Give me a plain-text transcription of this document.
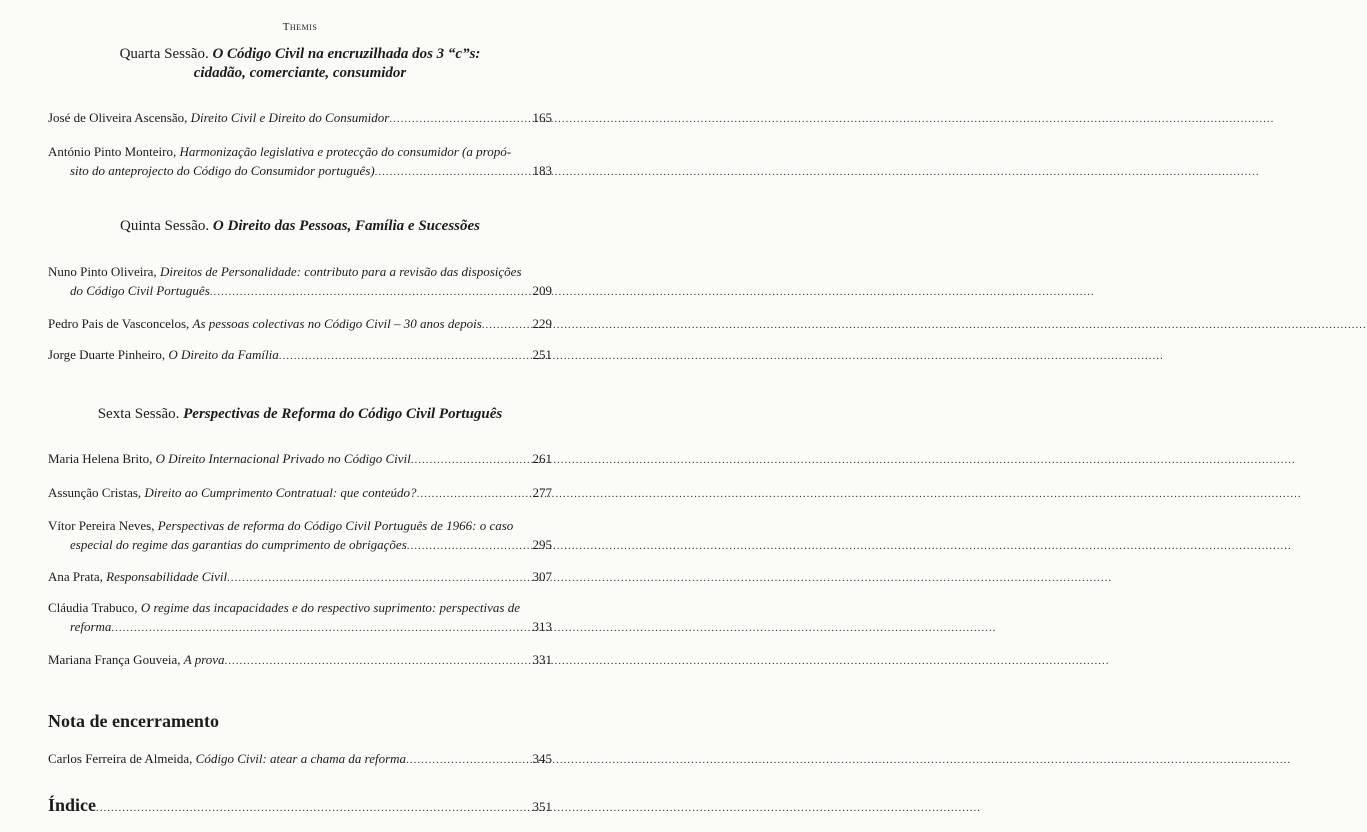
Themis
Quarta Sessão. O Código Civil na encruzilhada dos 3 “c”s:
cidadão, comerciante, consumidor
José de Oliveira Ascensão, Direito Civil e Direito do Consumidor .....	165
António Pinto Monteiro, Harmonização legislativa e protecção do consumidor (a propó-
sito do anteprojecto do Código do Consumidor português) .....	183
Quinta Sessão. O Direito das Pessoas, Família e Sucessões
Nuno Pinto Oliveira, Direitos de Personalidade: contributo para a revisão das disposições
do Código Civil Português .....	209
Pedro Pais de Vasconcelos, As pessoas colectivas no Código Civil – 30 anos depois .....	229
Jorge Duarte Pinheiro, O Direito da Família .....	251
Sexta Sessão. Perspectivas de Reforma do Código Civil Português
Maria Helena Brito, O Direito Internacional Privado no Código Civil .....	261
Assunção Cristas, Direito ao Cumprimento Contratual: que conteúdo? .....	277
Vítor Pereira Neves, Perspectivas de reforma do Código Civil Português de 1966: o caso
especial do regime das garantias do cumprimento de obrigações .....	295
Ana Prata, Responsabilidade Civil .....	307
Cláudia Trabuco, O regime das incapacidades e do respectivo suprimento: perspectivas de
reforma .....	313
Mariana França Gouveia, A prova .....	331
Nota de encerramento
Carlos Ferreira de Almeida, Código Civil: atear a chama da reforma .....	345
Índice .....	351
